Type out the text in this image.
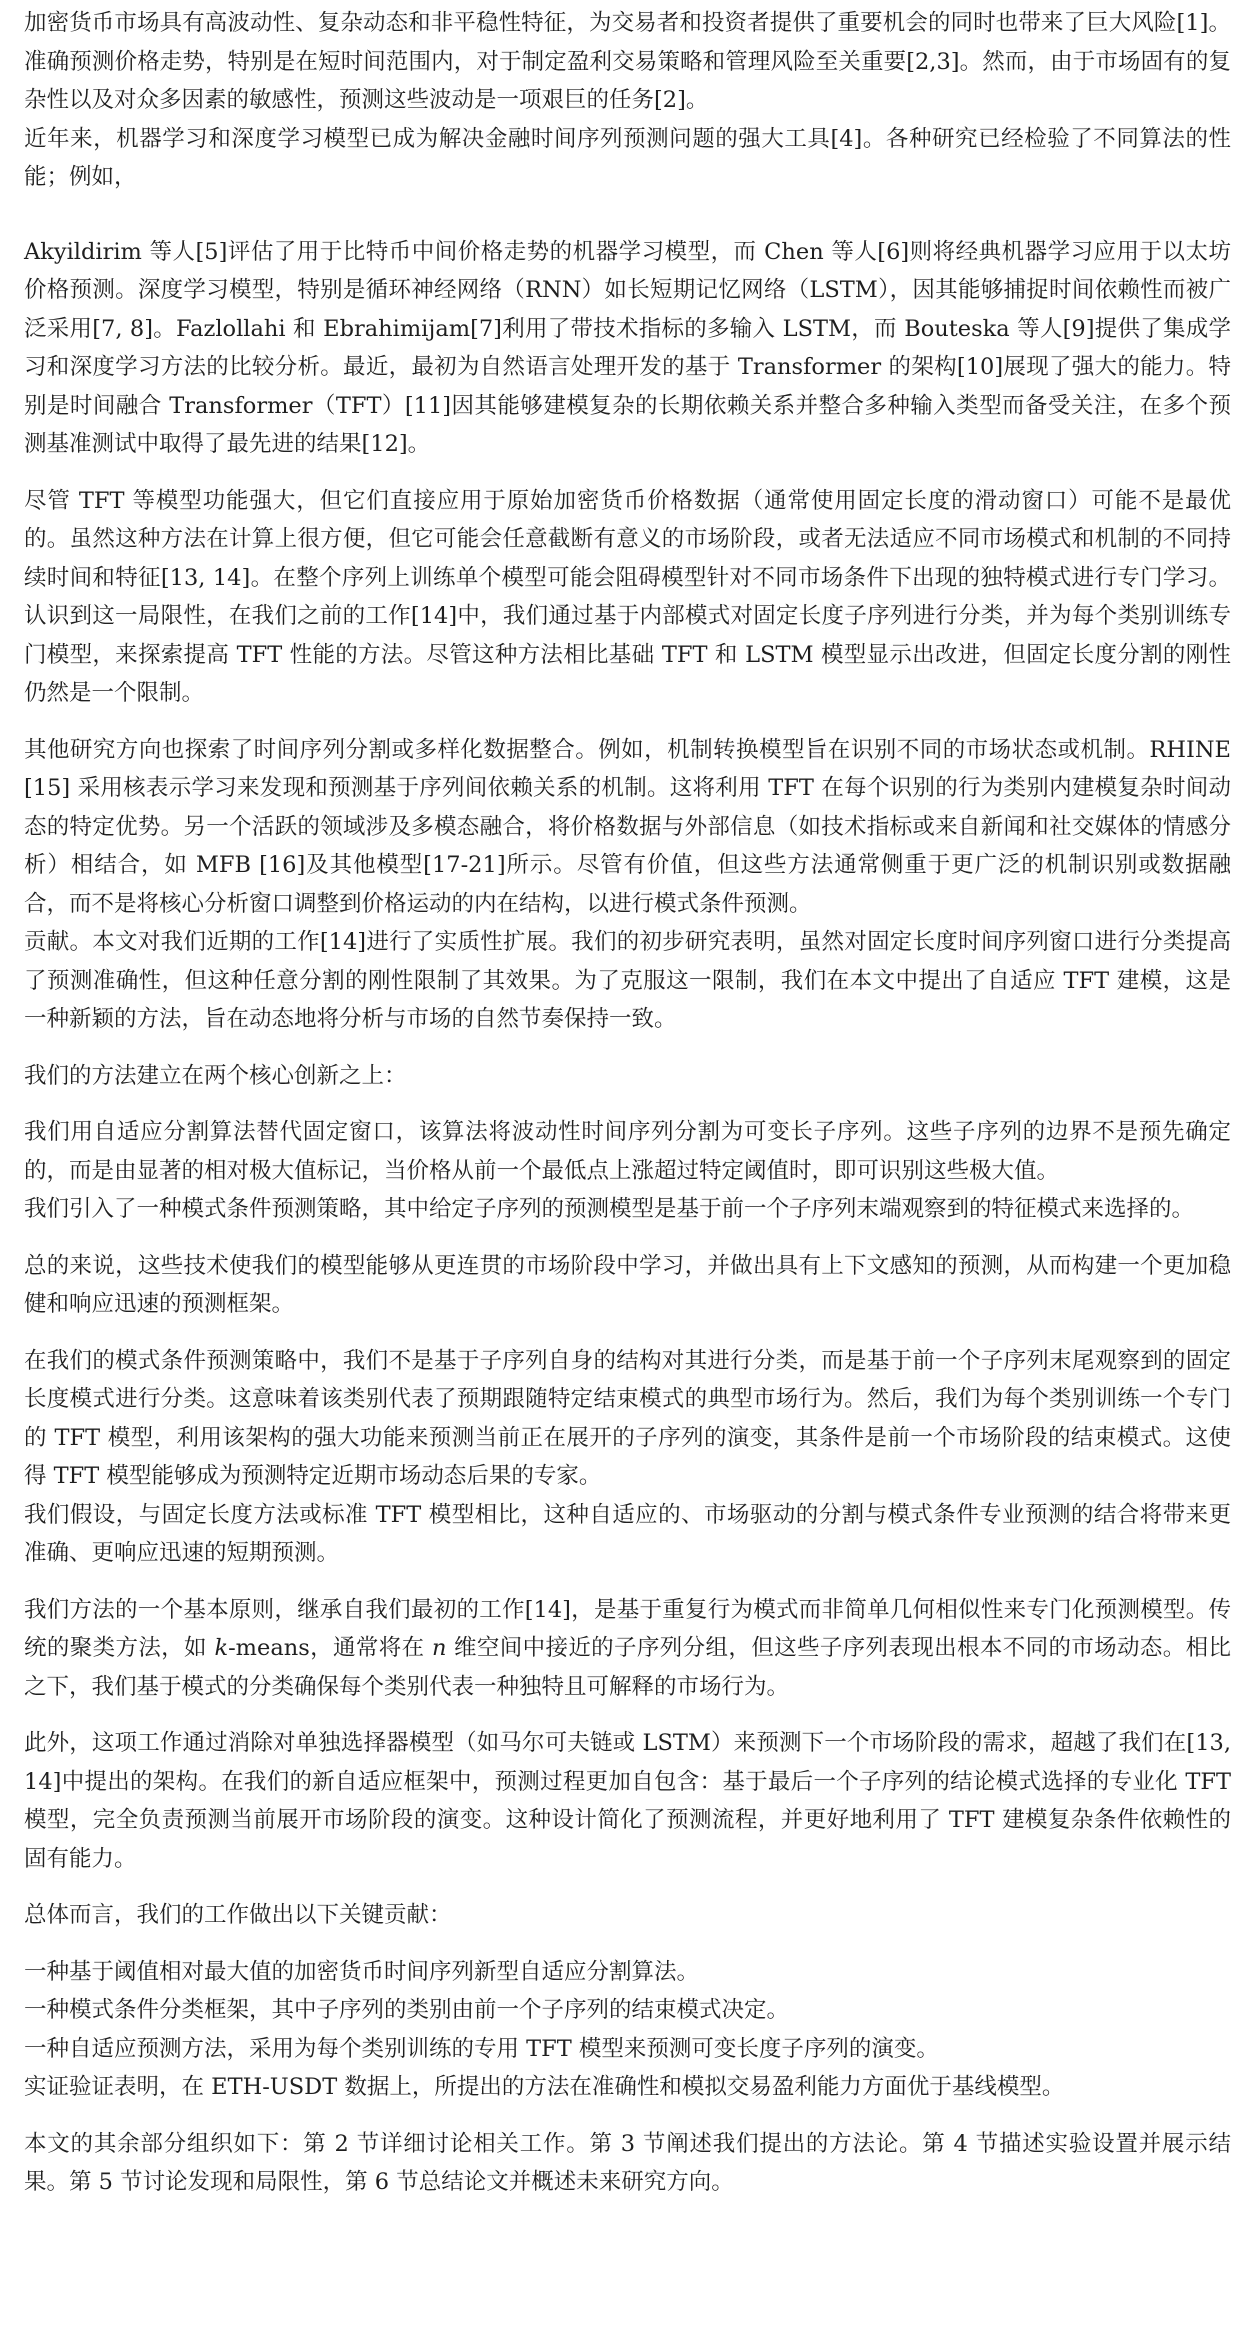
加密货币市场具有高波动性、复杂动态和非平稳性特征，为交易者和投资者提供了重要机会的同时也带来了巨大风险[1]。准确预测价格走势，特别是在短时间范围内，对于制定盈利交易策略和管理风险至关重要[2,3]。然而，由于市场固有的复杂性以及对众多因素的敏感性，预测这些波动是一项艰巨的任务[2]。

近年来，机器学习和深度学习模型已成为解决金融时间序列预测问题的强大工具[4]。各种研究已经检验了不同算法的性能；例如，

Akyildirim 等人[5]评估了用于比特币中间价格走势的机器学习模型，而 Chen 等人[6]则将经典机器学习应用于以太坊价格预测。深度学习模型，特别是循环神经网络（RNN）如长短期记忆网络（LSTM），因其能够捕捉时间依赖性而被广泛采用[7, 8]。Fazlollahi 和 Ebrahimijam[7]利用了带技术指标的多输入 LSTM，而 Bouteska 等人[9]提供了集成学习和深度学习方法的比较分析。最近，最初为自然语言处理开发的基于 Transformer 的架构[10]展现了强大的能力。特别是时间融合 Transformer（TFT）[11]因其能够建模复杂的长期依赖关系并整合多种输入类型而备受关注，在多个预测基准测试中取得了最先进的结果[12]。

尽管 TFT 等模型功能强大，但它们直接应用于原始加密货币价格数据（通常使用固定长度的滑动窗口）可能不是最优的。虽然这种方法在计算上很方便，但它可能会任意截断有意义的市场阶段，或者无法适应不同市场模式和机制的不同持续时间和特征[13, 14]。在整个序列上训练单个模型可能会阻碍模型针对不同市场条件下出现的独特模式进行专门学习。认识到这一局限性，在我们之前的工作[14]中，我们通过基于内部模式对固定长度子序列进行分类，并为每个类别训练专门模型，来探索提高 TFT 性能的方法。尽管这种方法相比基础 TFT 和 LSTM 模型显示出改进，但固定长度分割的刚性仍然是一个限制。

其他研究方向也探索了时间序列分割或多样化数据整合。例如，机制转换模型旨在识别不同的市场状态或机制。RHINE [15] 采用核表示学习来发现和预测基于序列间依赖关系的机制。这将利用 TFT 在每个识别的行为类别内建模复杂时间动态的特定优势。另一个活跃的领域涉及多模态融合，将价格数据与外部信息（如技术指标或来自新闻和社交媒体的情感分析）相结合，如 MFB [16]及其他模型[17-21]所示。尽管有价值，但这些方法通常侧重于更广泛的机制识别或数据融合，而不是将核心分析窗口调整到价格运动的内在结构，以进行模式条件预测。

贡献。本文对我们近期的工作[14]进行了实质性扩展。我们的初步研究表明，虽然对固定长度时间序列窗口进行分类提高了预测准确性，但这种任意分割的刚性限制了其效果。为了克服这一限制，我们在本文中提出了自适应 TFT 建模，这是一种新颖的方法，旨在动态地将分析与市场的自然节奏保持一致。

我们的方法建立在两个核心创新之上：

我们用自适应分割算法替代固定窗口，该算法将波动性时间序列分割为可变长子序列。这些子序列的边界不是预先确定的，而是由显著的相对极大值标记，当价格从前一个最低点上涨超过特定阈值时，即可识别这些极大值。

我们引入了一种模式条件预测策略，其中给定子序列的预测模型是基于前一个子序列末端观察到的特征模式来选择的。

总的来说，这些技术使我们的模型能够从更连贯的市场阶段中学习，并做出具有上下文感知的预测，从而构建一个更加稳健和响应迅速的预测框架。

在我们的模式条件预测策略中，我们不是基于子序列自身的结构对其进行分类，而是基于前一个子序列末尾观察到的固定长度模式进行分类。这意味着该类别代表了预期跟随特定结束模式的典型市场行为。然后，我们为每个类别训练一个专门的 TFT 模型，利用该架构的强大功能来预测当前正在展开的子序列的演变，其条件是前一个市场阶段的结束模式。这使得 TFT 模型能够成为预测特定近期市场动态后果的专家。

我们假设，与固定长度方法或标准 TFT 模型相比，这种自适应的、市场驱动的分割与模式条件专业预测的结合将带来更准确、更响应迅速的短期预测。

我们方法的一个基本原则，继承自我们最初的工作[14]，是基于重复行为模式而非简单几何相似性来专门化预测模型。传统的聚类方法，如 k-means，通常将在 n 维空间中接近的子序列分组，但这些子序列表现出根本不同的市场动态。相比之下，我们基于模式的分类确保每个类别代表一种独特且可解释的市场行为。

此外，这项工作通过消除对单独选择器模型（如马尔可夫链或 LSTM）来预测下一个市场阶段的需求，超越了我们在[13, 14]中提出的架构。在我们的新自适应框架中，预测过程更加自包含：基于最后一个子序列的结论模式选择的专业化 TFT 模型，完全负责预测当前展开市场阶段的演变。这种设计简化了预测流程，并更好地利用了 TFT 建模复杂条件依赖性的固有能力。

总体而言，我们的工作做出以下关键贡献：

一种基于阈值相对最大值的加密货币时间序列新型自适应分割算法。

一种模式条件分类框架，其中子序列的类别由前一个子序列的结束模式决定。

一种自适应预测方法，采用为每个类别训练的专用 TFT 模型来预测可变长度子序列的演变。

实证验证表明，在 ETH-USDT 数据上，所提出的方法在准确性和模拟交易盈利能力方面优于基线模型。

本文的其余部分组织如下：第 2 节详细讨论相关工作。第 3 节阐述我们提出的方法论。第 4 节描述实验设置并展示结果。第 5 节讨论发现和局限性，第 6 节总结论文并概述未来研究方向。
